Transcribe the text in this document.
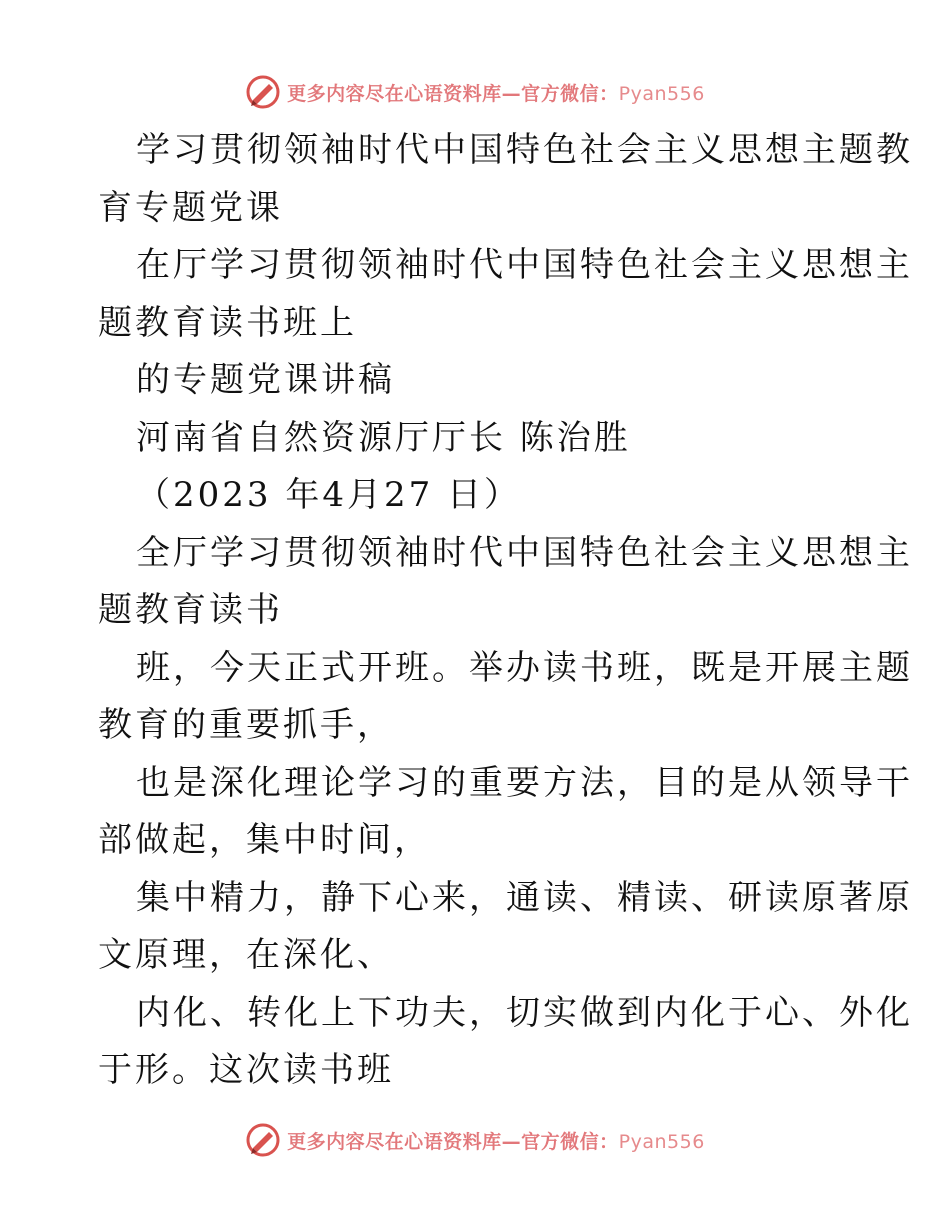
更多内容尽在心语资料库—官方微信：Pyan556
学习贯彻领袖时代中国特色社会主义思想主题教
育专题党课
在厅学习贯彻领袖时代中国特色社会主义思想主
题教育读书班上
的专题党课讲稿
河南省自然资源厅厅长 陈治胜
（2023 年4月27 日）
全厅学习贯彻领袖时代中国特色社会主义思想主
题教育读书
班，今天正式开班。举办读书班，既是开展主题
教育的重要抓手，
也是深化理论学习的重要方法，目的是从领导干
部做起，集中时间，
集中精力，静下心来，通读、精读、研读原著原
文原理，在深化、
内化、转化上下功夫，切实做到内化于心、外化
于形。这次读书班
更多内容尽在心语资料库—官方微信：Pyan556
